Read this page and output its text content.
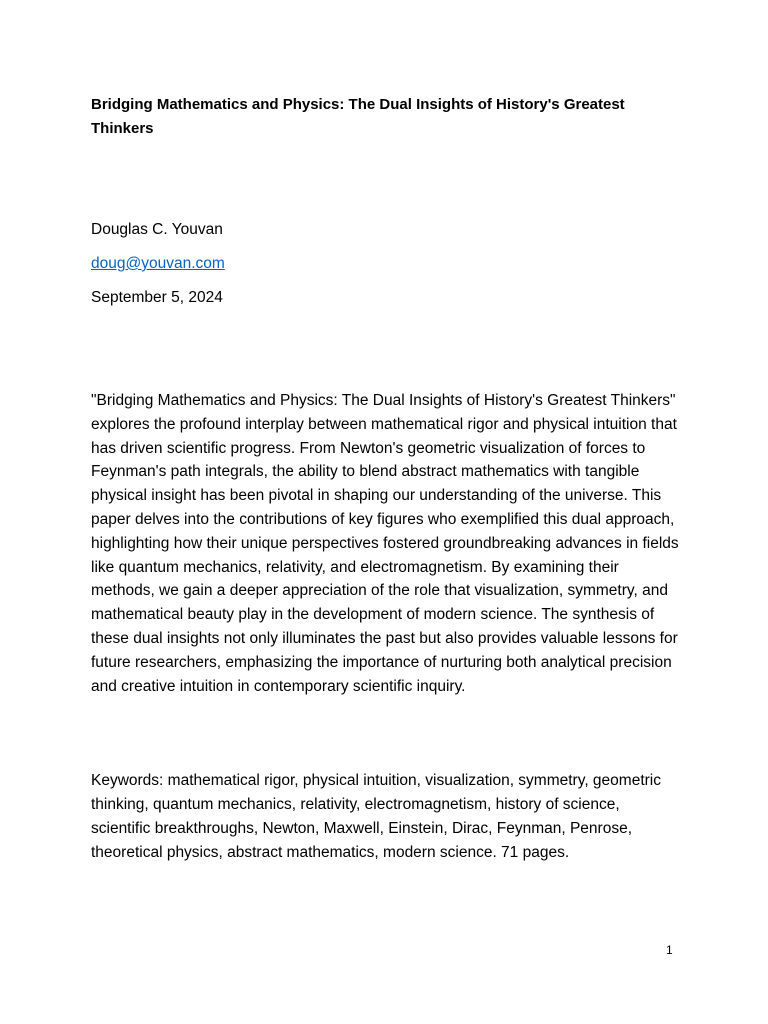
Bridging Mathematics and Physics: The Dual Insights of History's Greatest Thinkers
Douglas C. Youvan
doug@youvan.com
September 5, 2024

"Bridging Mathematics and Physics: The Dual Insights of History's Greatest Thinkers" explores the profound interplay between mathematical rigor and physical intuition that has driven scientific progress. From Newton's geometric visualization of forces to Feynman's path integrals, the ability to blend abstract mathematics with tangible physical insight has been pivotal in shaping our understanding of the universe. This paper delves into the contributions of key figures who exemplified this dual approach, highlighting how their unique perspectives fostered groundbreaking advances in fields like quantum mechanics, relativity, and electromagnetism. By examining their methods, we gain a deeper appreciation of the role that visualization, symmetry, and mathematical beauty play in the development of modern science. The synthesis of these dual insights not only illuminates the past but also provides valuable lessons for future researchers, emphasizing the importance of nurturing both analytical precision and creative intuition in contemporary scientific inquiry.

Keywords: mathematical rigor, physical intuition, visualization, symmetry, geometric thinking, quantum mechanics, relativity, electromagnetism, history of science, scientific breakthroughs, Newton, Maxwell, Einstein, Dirac, Feynman, Penrose, theoretical physics, abstract mathematics, modern science. 71 pages.

1
